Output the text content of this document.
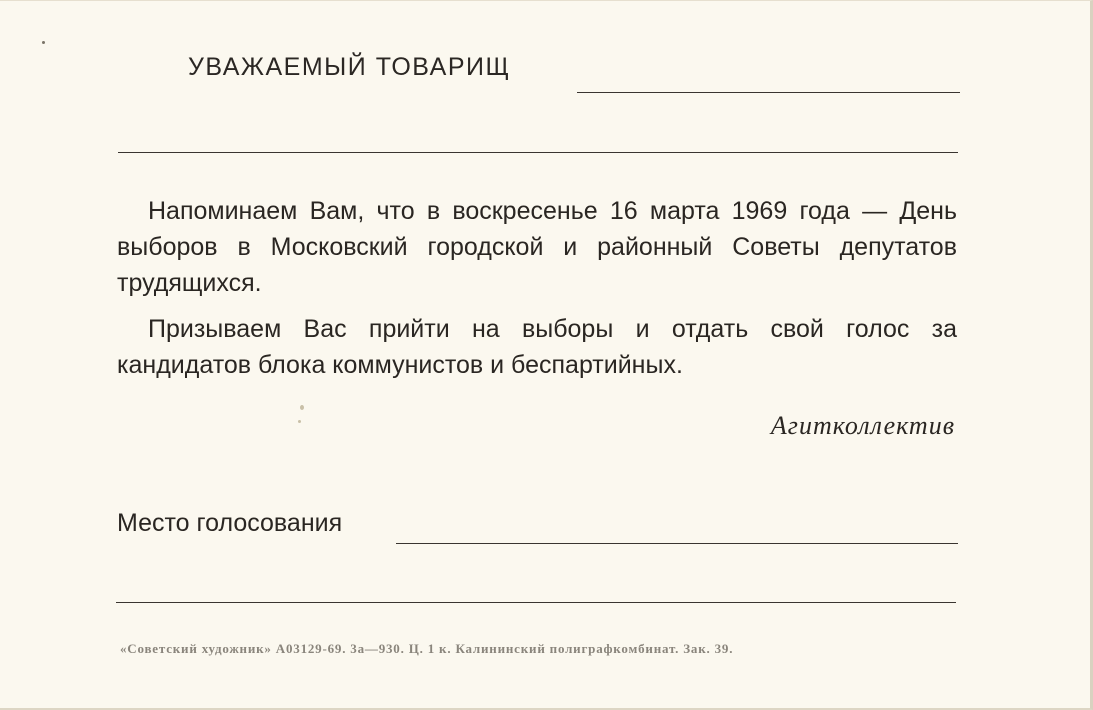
УВАЖАЕМЫЙ ТОВАРИЩ
Напоминаем Вам, что в воскресенье 16 марта 1969 года — День выборов в Московский городской и районный Советы депутатов трудящихся.
Призываем Вас прийти на выборы и отдать свой голос за кандидатов блока коммунистов и беспартийных.
Агитколлектив
Место голосования
«Советский художник» А03129-69. 3а—930. Ц. 1 к. Калининский полиграфкомбинат. Зак. 39.
